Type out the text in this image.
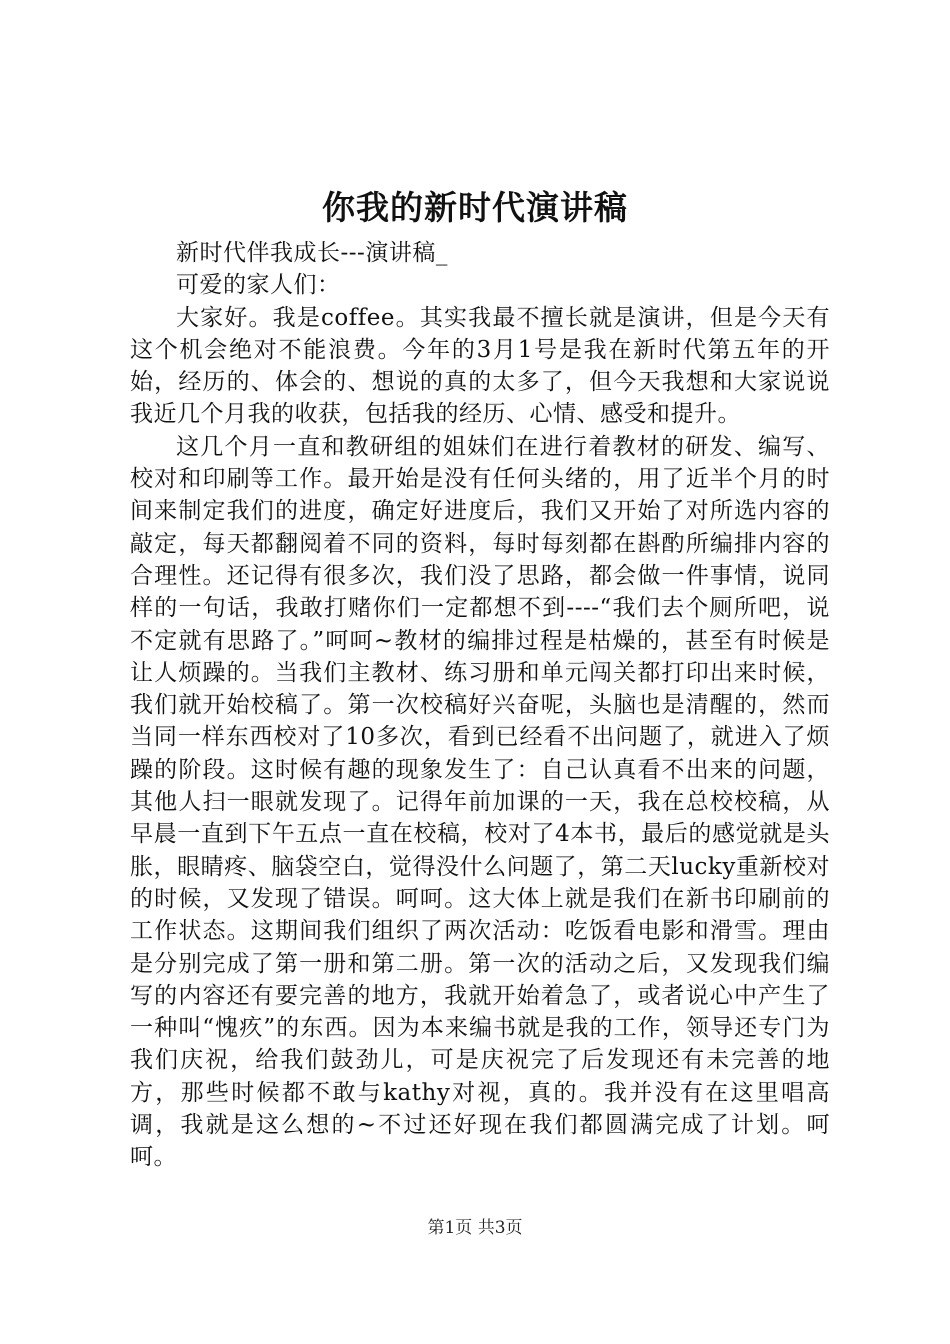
你我的新时代演讲稿

新时代伴我成长---演讲稿_

可爱的家人们：

大家好。我是coffee。其实我最不擅长就是演讲，但是今天有这个机会绝对不能浪费。今年的3月1号是我在新时代第五年的开始，经历的、体会的、想说的真的太多了，但今天我想和大家说说我近几个月我的收获，包括我的经历、心情、感受和提升。

这几个月一直和教研组的姐妹们在进行着教材的研发、编写、校对和印刷等工作。最开始是没有任何头绪的，用了近半个月的时间来制定我们的进度，确定好进度后，我们又开始了对所选内容的敲定，每天都翻阅着不同的资料，每时每刻都在斟酌所编排内容的合理性。还记得有很多次，我们没了思路，都会做一件事情，说同样的一句话，我敢打赌你们一定都想不到----“我们去个厕所吧，说不定就有思路了。”呵呵~教材的编排过程是枯燥的，甚至有时候是让人烦躁的。当我们主教材、练习册和单元闯关都打印出来时候，我们就开始校稿了。第一次校稿好兴奋呢，头脑也是清醒的，然而当同一样东西校对了10多次，看到已经看不出问题了，就进入了烦躁的阶段。这时候有趣的现象发生了：自己认真看不出来的问题，其他人扫一眼就发现了。记得年前加课的一天，我在总校校稿，从早晨一直到下午五点一直在校稿，校对了4本书，最后的感觉就是头胀，眼睛疼、脑袋空白，觉得没什么问题了，第二天lucky重新校对的时候，又发现了错误。呵呵。这大体上就是我们在新书印刷前的工作状态。这期间我们组织了两次活动：吃饭看电影和滑雪。理由是分别完成了第一册和第二册。第一次的活动之后，又发现我们编写的内容还有要完善的地方，我就开始着急了，或者说心中产生了一种叫“愧疚”的东西。因为本来编书就是我的工作，领导还专门为我们庆祝，给我们鼓劲儿，可是庆祝完了后发现还有未完善的地方，那些时候都不敢与kathy对视，真的。我并没有在这里唱高调，我就是这么想的~不过还好现在我们都圆满完成了计划。呵呵。

第1页 共3页
